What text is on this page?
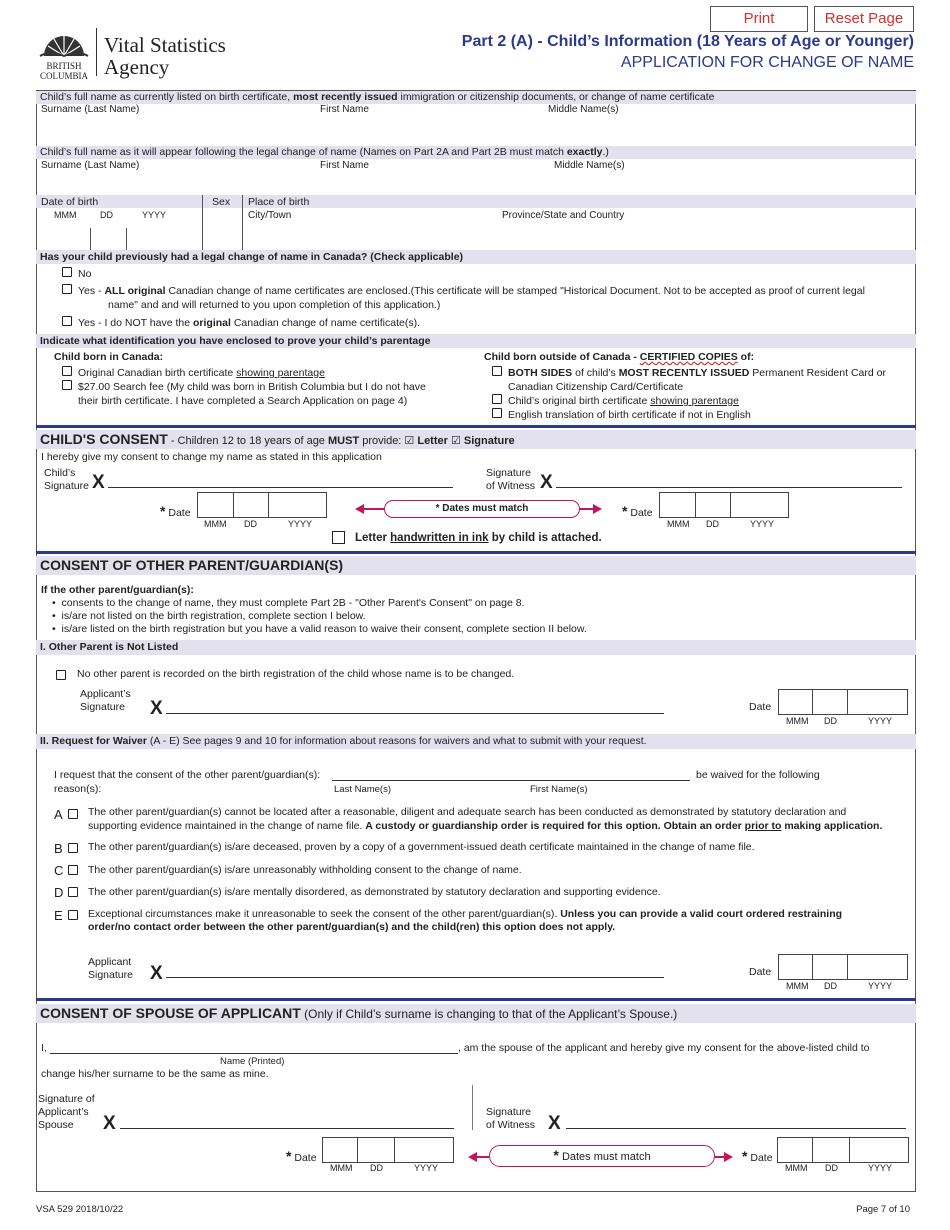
Print	Reset Page
BRITISH
COLUMBIA
Vital Statistics
Agency
Part 2 (A) - Child’s Information (18 Years of Age or Younger)
APPLICATION FOR CHANGE OF NAME
Child’s full name as currently listed on birth certificate, most recently issued immigration or citizenship documents, or change of name certificate
Surname (Last Name)	First Name	Middle Name(s)
Child’s full name as it will appear following the legal change of name (Names on Part 2A and Part 2B must match exactly.)
Surname (Last Name)	First Name	Middle Name(s)
Date of birth	Sex Place of birth
MMM	DD	YYYY	City/Town	Province/State and Country
Has your child previously had a legal change of name in Canada? (Check applicable)
No
Yes - ALL original Canadian change of name certificates are enclosed.(This certificate will be stamped "Historical Document. Not to be accepted as proof of current legal
name" and and will returned to you upon completion of this application.)
Yes - I do NOT have the original Canadian change of name certificate(s).
Indicate what identification you have enclosed to prove your child’s parentage
Child born in Canada:
Original Canadian birth certificate showing parentage
$27.00 Search fee (My child was born in British Columbia but I do not have
their birth certificate. I have completed a Search Application on page 4)
Child born outside of Canada - CERTIFIED COPIES of:
BOTH SIDES of child’s MOST RECENTLY ISSUED Permanent Resident Card or
Canadian Citizenship Card/Certificate
Child’s original birth certificate showing parentage
English translation of birth certificate if not in English
CHILD'S CONSENT - Children 12 to 18 years of age MUST provide: ☑ Letter ☑ Signature
I hereby give my consent to change my name as stated in this application
Child’s
Signature X	Signature
of Witness X
* Date
MMM DD	YYYY
* Dates must match	* Date
MMM DD	YYYY
Letter handwritten in ink by child is attached.
CONSENT OF OTHER PARENT/GUARDIAN(S)
If the other parent/guardian(s):
•  consents to the change of name, they must complete Part 2B - "Other Parent's Consent" on page 8.
•  is/are not listed on the birth registration, complete section I below.
•  is/are listed on the birth registration but you have a valid reason to waive their consent, complete section II below.
I. Other Parent is Not Listed
No other parent is recorded on the birth registration of the child whose name is to be changed.
Applicant’s
Signature X	Date
MMM DD	YYYY
II. Request for Waiver (A - E) See pages 9 and 10 for information about reasons for waivers and what to submit with your request.
I request that the consent of the other parent/guardian(s):	be waived for the following
reason(s):	Last Name(s)	First Name(s)
A The other parent/guardian(s) cannot be located after a reasonable, diligent and adequate search has been conducted as demonstrated by statutory declaration and
supporting evidence maintained in the change of name file. A custody or guardianship order is required for this option. Obtain an order prior to making application.
B The other parent/guardian(s) is/are deceased, proven by a copy of a government-issued death certificate maintained in the change of name file.
C The other parent/guardian(s) is/are unreasonably withholding consent to the change of name.
D The other parent/guardian(s) is/are mentally disordered, as demonstrated by statutory declaration and supporting evidence.
E Exceptional circumstances make it unreasonable to seek the consent of the other parent/guardian(s). Unless you can provide a valid court ordered restraining
order/no contact order between the other parent/guardian(s) and the child(ren) this option does not apply.
Applicant
Signature X	Date
MMM DD	YYYY
CONSENT OF SPOUSE OF APPLICANT (Only if Child’s surname is changing to that of the Applicant’s Spouse.)
I,	, am the spouse of the applicant and hereby give my consent for the above-listed child to
Name (Printed)
change his/her surname to be the same as mine.
Signature of
Applicant’s
Spouse	X
Signature
of Witness X
* Date
MMM DD	YYYY
* Dates must match	* Date
MMM DD	YYYY
VSA 529 2018/10/22	Page 7 of 10
